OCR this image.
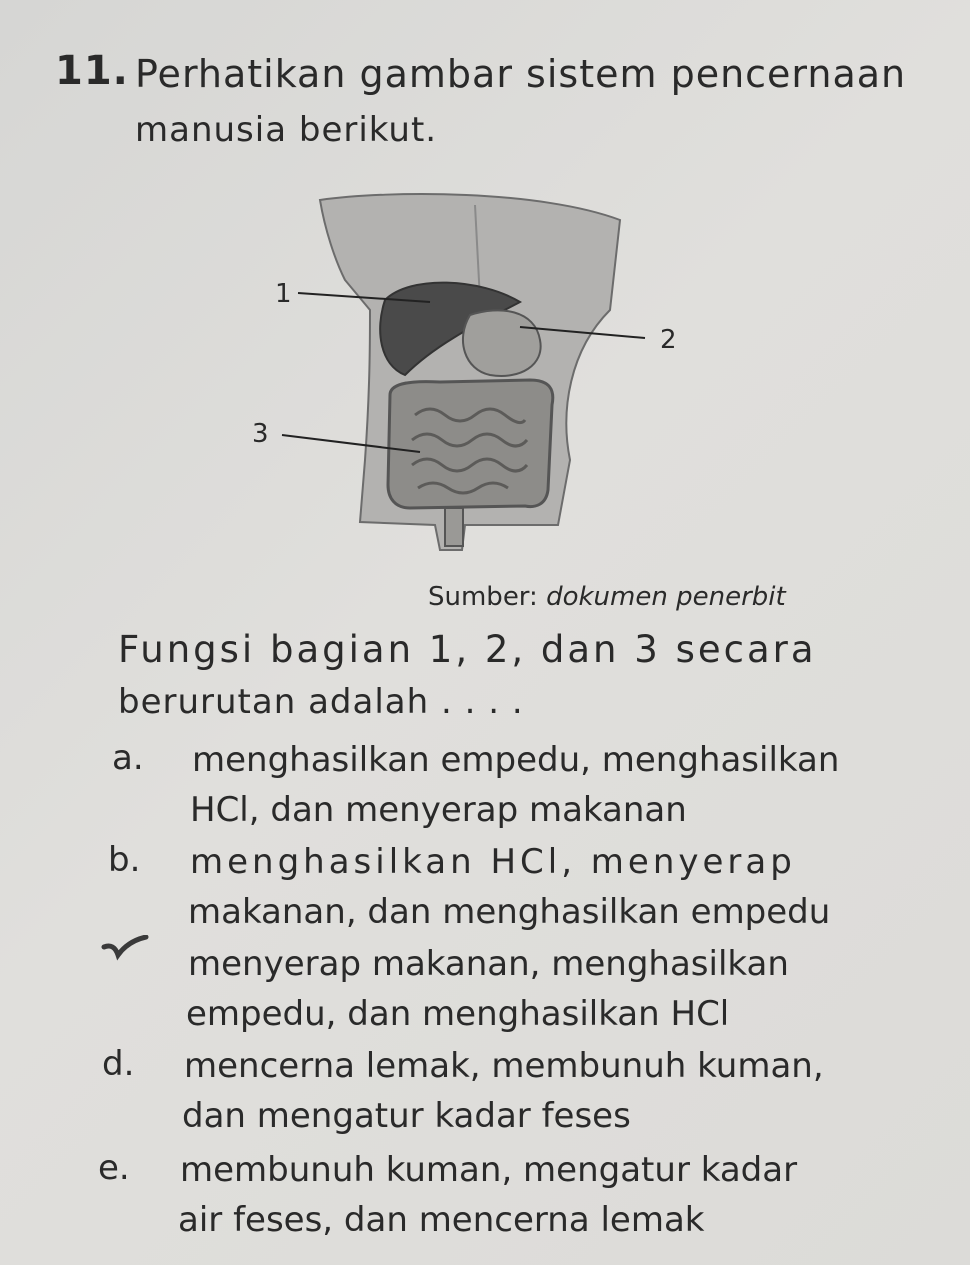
11. Perhatikan gambar sistem pencernaan
manusia berikut.
1
2
3
Sumber: dokumen penerbit
Fungsi bagian 1, 2, dan 3 secara
berurutan adalah . . . .
a. menghasilkan empedu, menghasilkan
HCl, dan menyerap makanan
b. menghasilkan HCl, menyerap
makanan, dan menghasilkan empedu
menyerap makanan, menghasilkan
empedu, dan menghasilkan HCl
d. mencerna lemak, membunuh kuman,
dan mengatur kadar feses
e. membunuh kuman, mengatur kadar
air feses, dan mencerna lemak
